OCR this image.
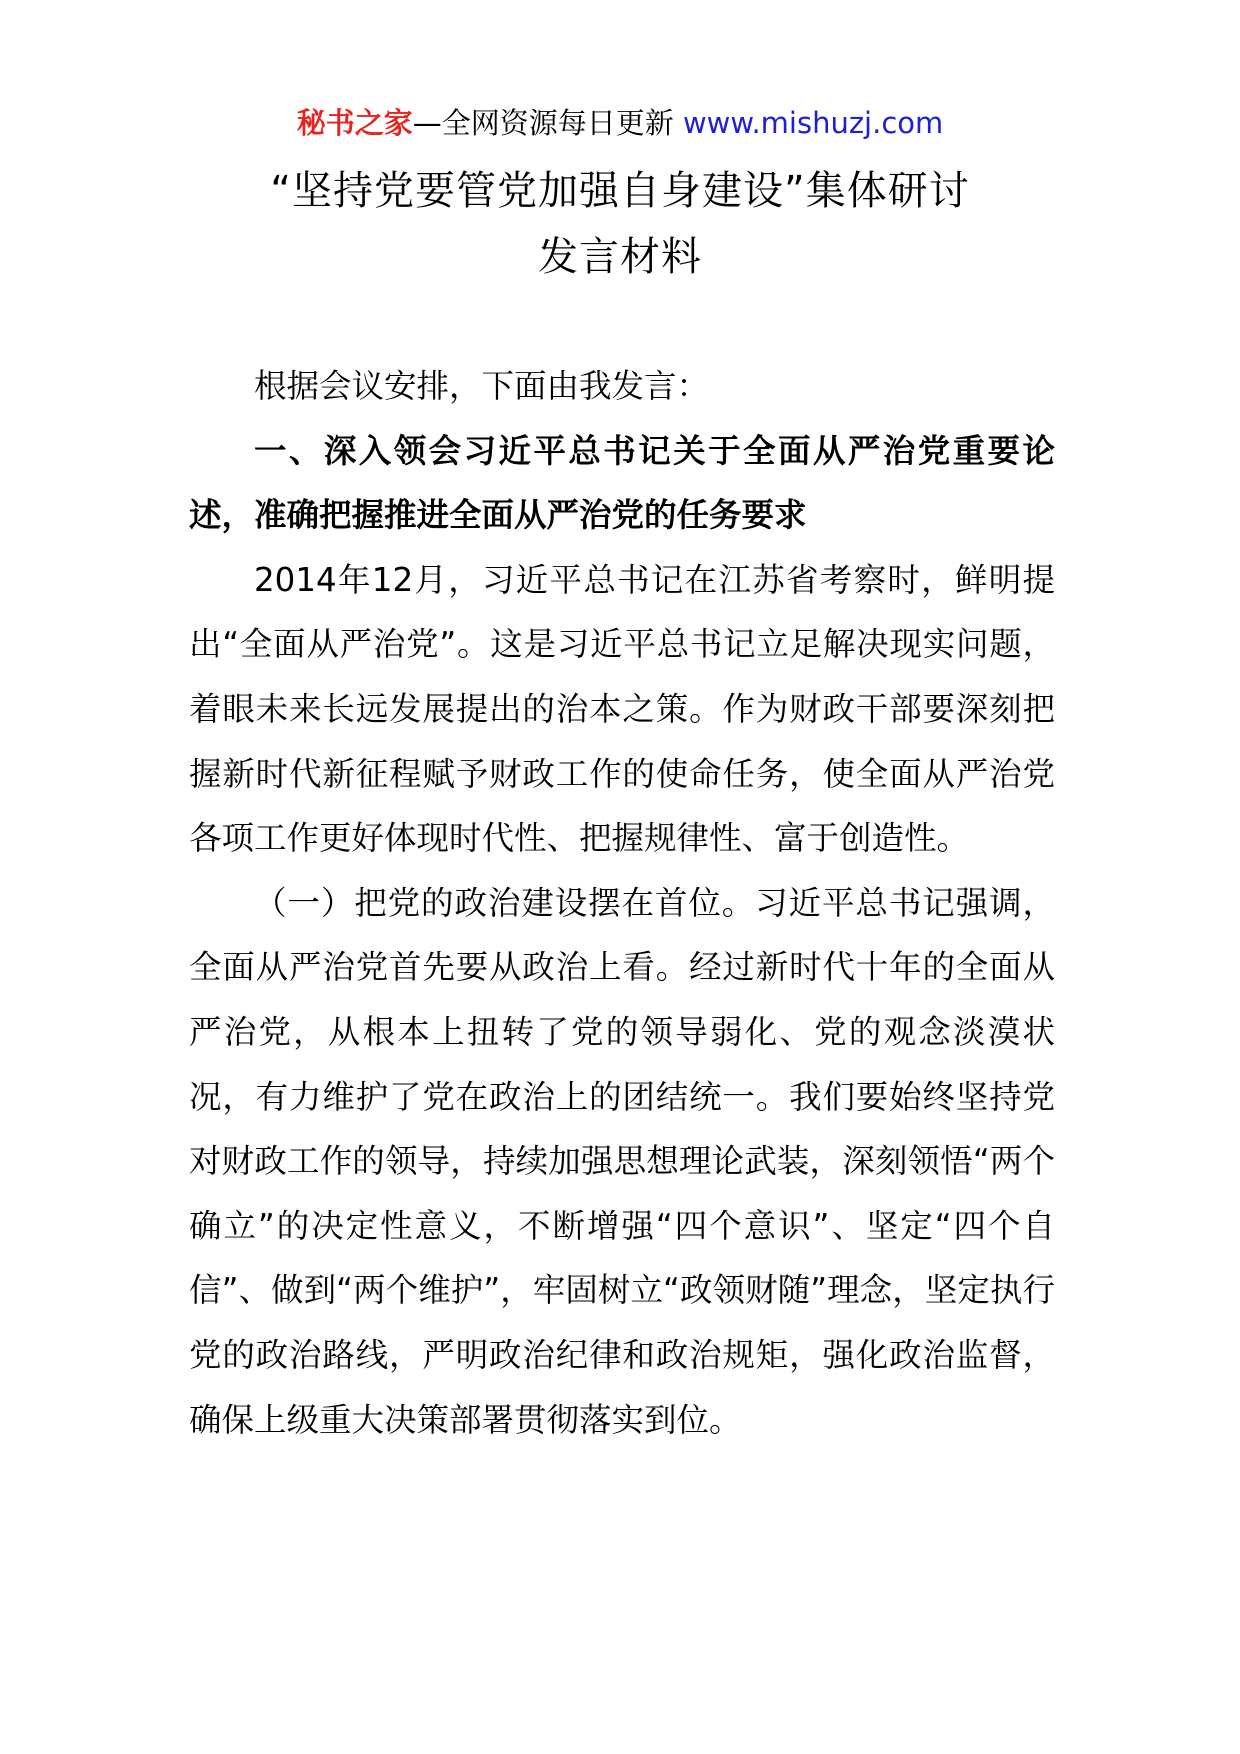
秘书之家—全网资源每日更新 www.mishuzj.com
“坚持党要管党加强自身建设”集体研讨
发言材料

根据会议安排，下面由我发言：

一、深入领会习近平总书记关于全面从严治党重要论述，准确把握推进全面从严治党的任务要求

2014年12月，习近平总书记在江苏省考察时，鲜明提出“全面从严治党”。这是习近平总书记立足解决现实问题，着眼未来长远发展提出的治本之策。作为财政干部要深刻把握新时代新征程赋予财政工作的使命任务，使全面从严治党各项工作更好体现时代性、把握规律性、富于创造性。

（一）把党的政治建设摆在首位。习近平总书记强调，全面从严治党首先要从政治上看。经过新时代十年的全面从严治党，从根本上扭转了党的领导弱化、党的观念淡漠状况，有力维护了党在政治上的团结统一。我们要始终坚持党对财政工作的领导，持续加强思想理论武装，深刻领悟“两个确立”的决定性意义，不断增强“四个意识”、坚定“四个自信”、做到“两个维护”，牢固树立“政领财随”理念，坚定执行党的政治路线，严明政治纪律和政治规矩，强化政治监督，确保上级重大决策部署贯彻落实到位。
